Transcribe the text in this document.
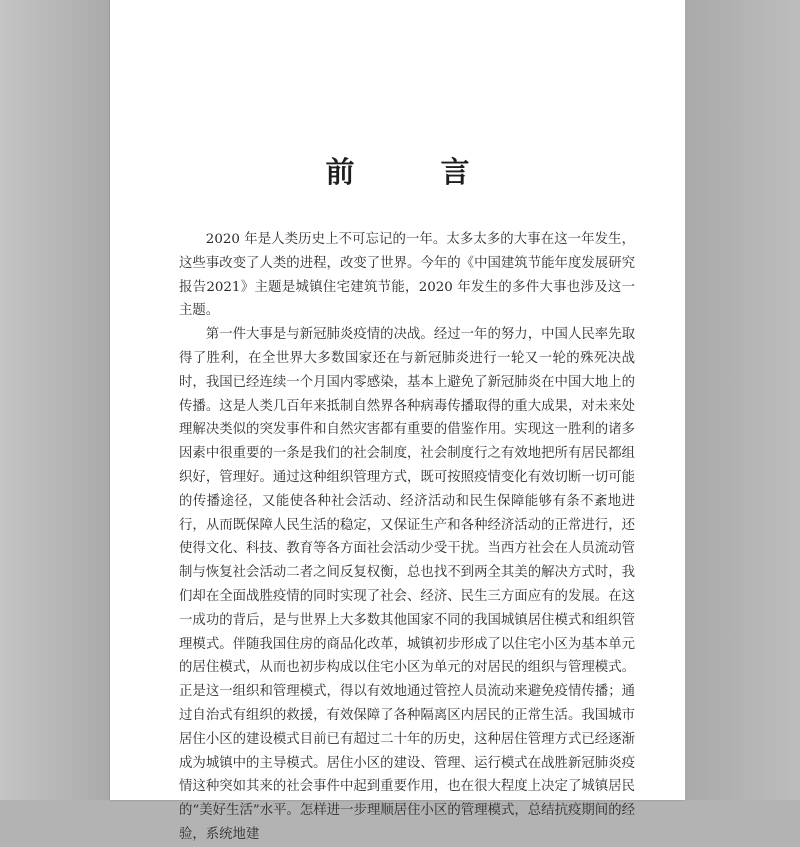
前 言

2020 年是人类历史上不可忘记的一年。太多太多的大事在这一年发生，这些事改变了人类的进程，改变了世界。今年的《中国建筑节能年度发展研究报告2021》主题是城镇住宅建筑节能，2020 年发生的多件大事也涉及这一主题。

第一件大事是与新冠肺炎疫情的决战。经过一年的努力，中国人民率先取得了胜利，在全世界大多数国家还在与新冠肺炎进行一轮又一轮的殊死决战时，我国已经连续一个月国内零感染，基本上避免了新冠肺炎在中国大地上的传播。这是人类几百年来抵制自然界各种病毒传播取得的重大成果，对未来处理解决类似的突发事件和自然灾害都有重要的借鉴作用。实现这一胜利的诸多因素中很重要的一条是我们的社会制度，社会制度行之有效地把所有居民都组织好，管理好。通过这种组织管理方式，既可按照疫情变化有效切断一切可能的传播途径，又能使各种社会活动、经济活动和民生保障能够有条不紊地进行，从而既保障人民生活的稳定，又保证生产和各种经济活动的正常进行，还使得文化、科技、教育等各方面社会活动少受干扰。当西方社会在人员流动管制与恢复社会活动二者之间反复权衡，总也找不到两全其美的解决方式时，我们却在全面战胜疫情的同时实现了社会、经济、民生三方面应有的发展。在这一成功的背后，是与世界上大多数其他国家不同的我国城镇居住模式和组织管理模式。伴随我国住房的商品化改革，城镇初步形成了以住宅小区为基本单元的居住模式，从而也初步构成以住宅小区为单元的对居民的组织与管理模式。正是这一组织和管理模式，得以有效地通过管控人员流动来避免疫情传播；通过自治式有组织的救援，有效保障了各种隔离区内居民的正常生活。我国城市居住小区的建设模式目前已有超过二十年的历史，这种居住管理方式已经逐渐成为城镇中的主导模式。居住小区的建设、管理、运行模式在战胜新冠肺炎疫情这种突如其来的社会事件中起到重要作用，也在很大程度上决定了城镇居民的“美好生活”水平。怎样进一步理顺居住小区的管理模式，总结抗疫期间的经验，系统地建
